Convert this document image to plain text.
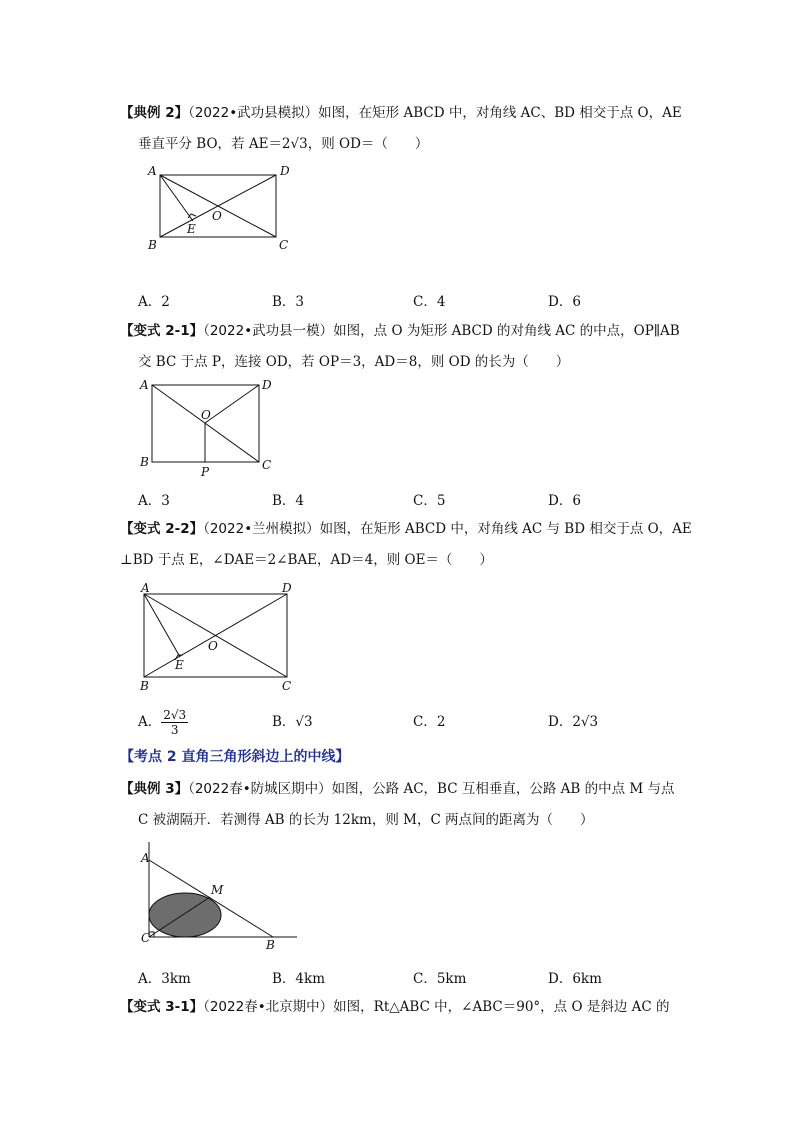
【典例 2】（2022•武功县模拟）如图，在矩形 ABCD 中，对角线 AC、BD 相交于点 O，AE
垂直平分 BO，若 AE＝2√3，则 OD＝（　　）
A	D
B	C
E
O
A．2	B．3	C．4	D．6
【变式 2-1】（2022•武功县一模）如图，点 O 为矩形 ABCD 的对角线 AC 的中点，OP∥AB
交 BC 于点 P，连接 OD，若 OP＝3，AD＝8，则 OD 的长为（　　）
A	D
B	C
O
P
A．3	B．4	C．5	D．6
【变式 2-2】（2022•兰州模拟）如图，在矩形 ABCD 中，对角线 AC 与 BD 相交于点 O，AE
⊥BD 于点 E，∠DAE＝2∠BAE，AD＝4，则 OE＝（　　）
A	D
B	C
E
O
A． $\frac{2√3}{3}$	B．√3	C．2	D．2√3
【考点 2 直角三角形斜边上的中线】
【典例 3】（2022春•防城区期中）如图，公路 AC，BC 互相垂直，公路 AB 的中点 M 与点
C 被湖隔开．若测得 AB 的长为 12km，则 M，C 两点间的距离为（　　）
A
M
C	B
A．3km	B．4km	C．5km	D．6km
【变式 3-1】（2022春•北京期中）如图，Rt△ABC 中，∠ABC＝90°，点 O 是斜边 AC 的
